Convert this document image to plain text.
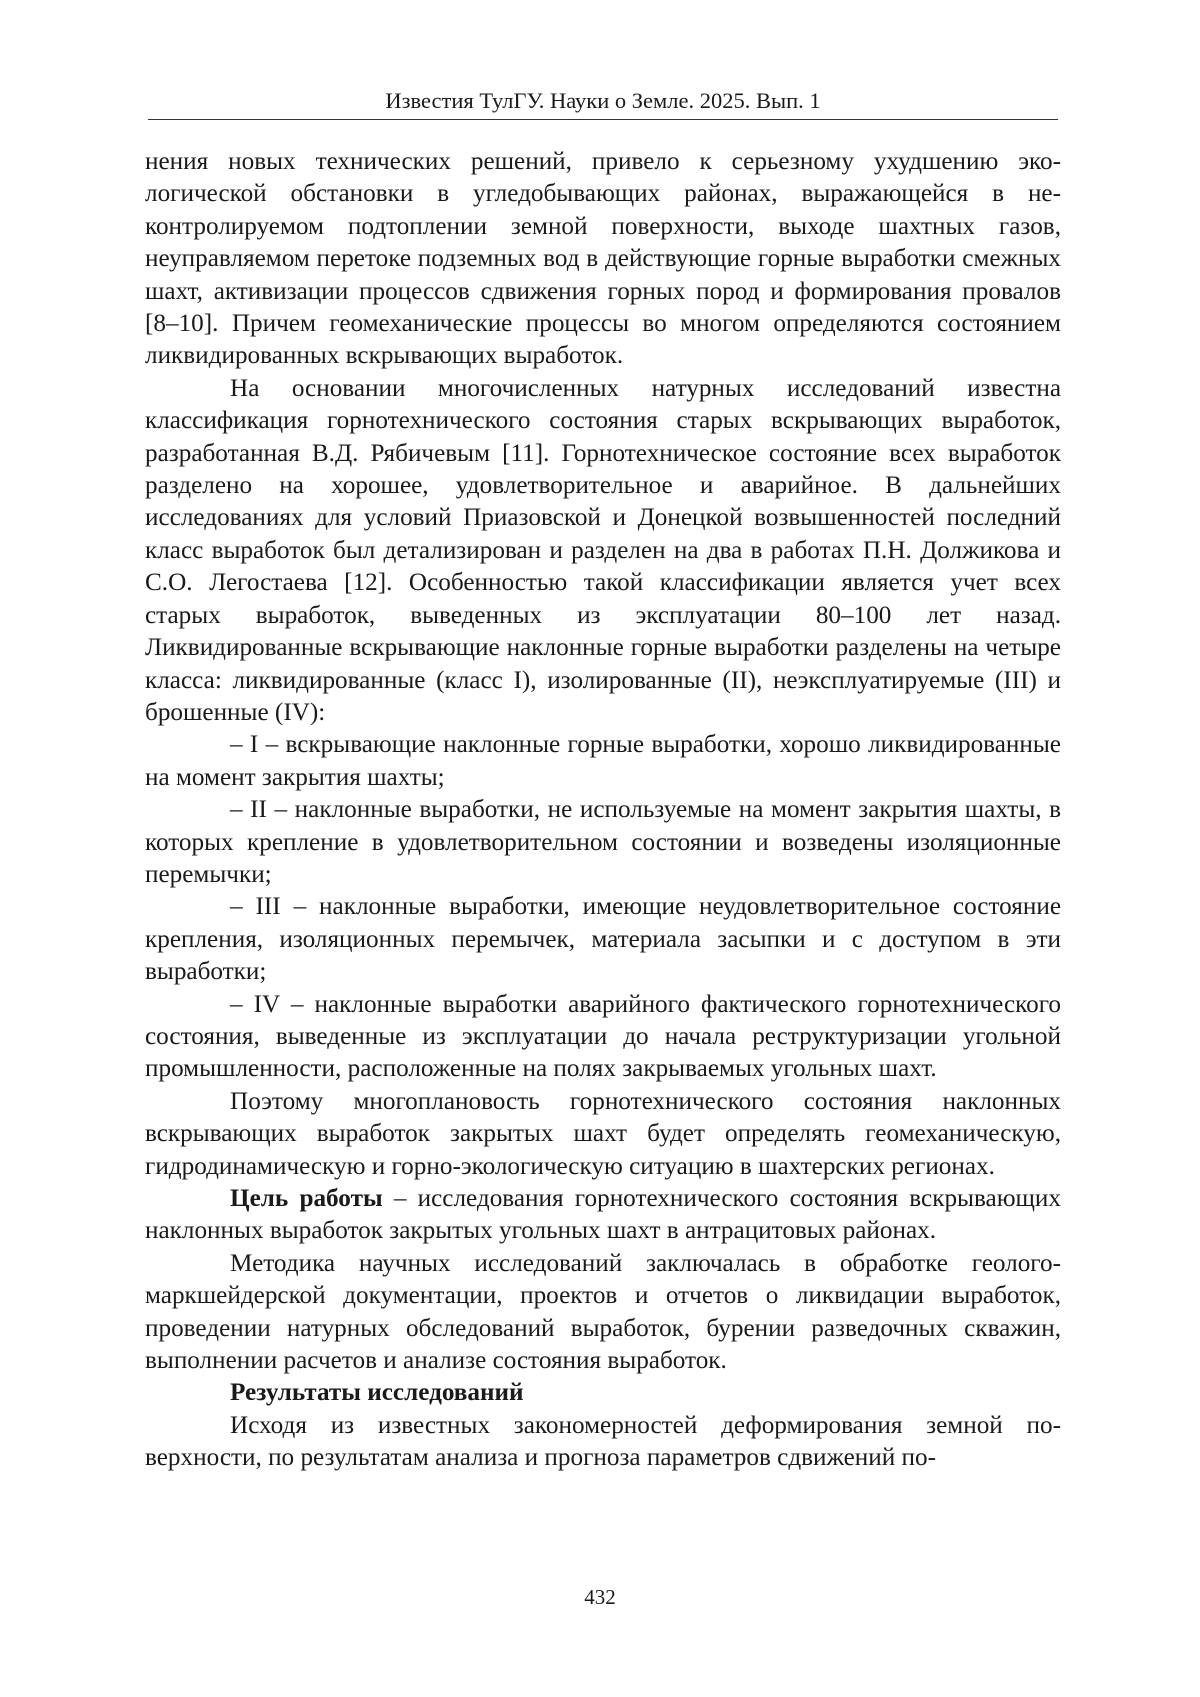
Известия ТулГУ. Науки о Земле. 2025. Вып. 1

нения новых технических решений, привело к серьезному ухудшению экологической обстановки в угледобывающих районах, выражающейся в неконтролируемом подтоплении земной поверхности, выходе шахтных газов, неуправляемом перетоке подземных вод в действующие горные выработки смежных шахт, активизации процессов сдвижения горных пород и формирования провалов [8–10]. Причем геомеханические процессы во многом определяются состоянием ликвидированных вскрывающих выработок.

На основании многочисленных натурных исследований известна классификация горнотехнического состояния старых вскрывающих выработок, разработанная В.Д. Рябичевым [11]. Горнотехническое состояние всех выработок разделено на хорошее, удовлетворительное и аварийное. В дальнейших исследованиях для условий Приазовской и Донецкой возвышенностей последний класс выработок был детализирован и разделен на два в работах П.Н. Должикова и С.О. Легостаева [12]. Особенностью такой классификации является учет всех старых выработок, выведенных из эксплуатации 80–100 лет назад. Ликвидированные вскрывающие наклонные горные выработки разделены на четыре класса: ликвидированные (класс I), изолированные (II), неэксплуатируемые (III) и брошенные (IV):

– I – вскрывающие наклонные горные выработки, хорошо ликвидированные на момент закрытия шахты;

– II – наклонные выработки, не используемые на момент закрытия шахты, в которых крепление в удовлетворительном состоянии и возведены изоляционные перемычки;

– III – наклонные выработки, имеющие неудовлетворительное состояние крепления, изоляционных перемычек, материала засыпки и с доступом в эти выработки;

– IV – наклонные выработки аварийного фактического горнотехнического состояния, выведенные из эксплуатации до начала реструктуризации угольной промышленности, расположенные на полях закрываемых угольных шахт.

Поэтому многоплановость горнотехнического состояния наклонных вскрывающих выработок закрытых шахт будет определять геомеханическую, гидродинамическую и горно-экологическую ситуацию в шахтерских регионах.

Цель работы – исследования горнотехнического состояния вскрывающих наклонных выработок закрытых угольных шахт в антрацитовых районах.

Методика научных исследований заключалась в обработке геолого-маркшейдерской документации, проектов и отчетов о ликвидации выработок, проведении натурных обследований выработок, бурении разведочных скважин, выполнении расчетов и анализе состояния выработок.

Результаты исследований

Исходя из известных закономерностей деформирования земной поверхности, по результатам анализа и прогноза параметров сдвижений по-

432
